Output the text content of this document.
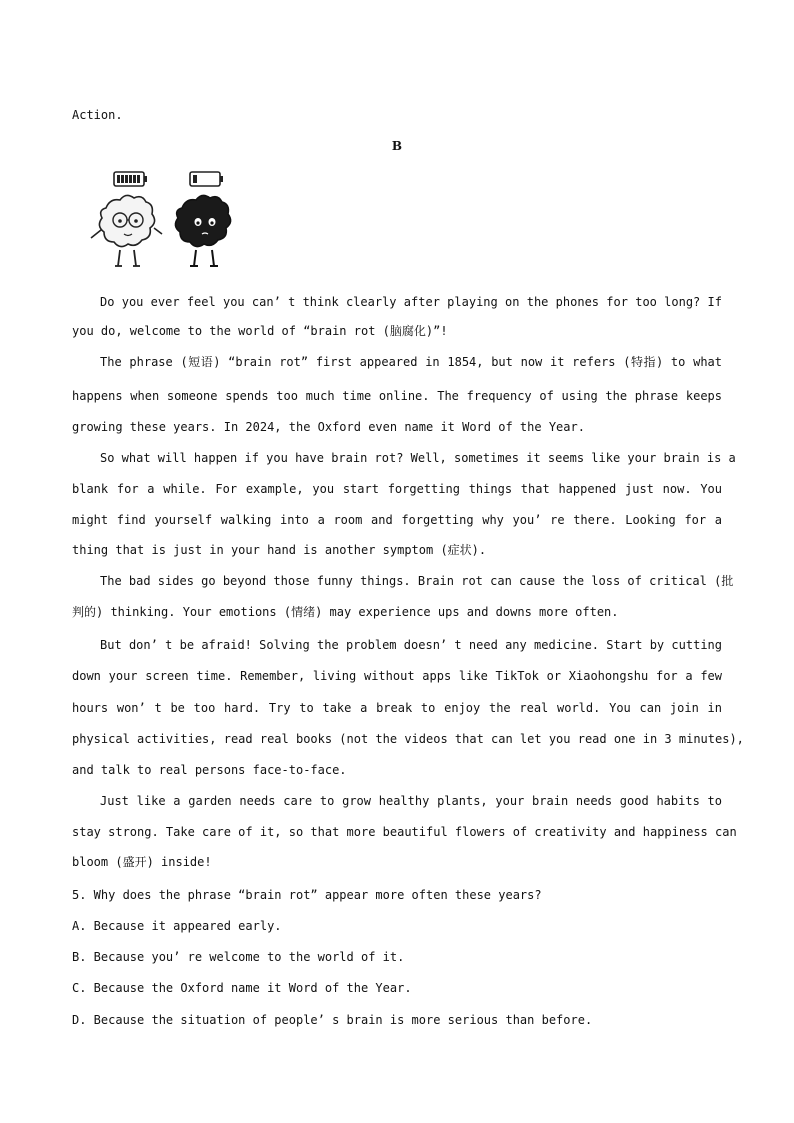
Action.
B
Do you ever feel you can’ t think clearly after playing on the phones for too long? If
you do, welcome to the world of “brain rot (脑腐化)”!
The phrase (短语) “brain rot” first appeared in 1854, but now it refers (特指) to what
happens when someone spends too much time online. The frequency of using the phrase keeps
growing these years. In 2024, the Oxford even name it Word of the Year.
So what will happen if you have brain rot? Well, sometimes it seems like your brain is a
blank for a while. For example, you start forgetting things that happened just now. You
might find yourself walking into a room and forgetting why you’ re there. Looking for a
thing that is just in your hand is another symptom (症状).
The bad sides go beyond those funny things. Brain rot can cause the loss of critical (批
判的) thinking. Your emotions (情绪) may experience ups and downs more often.
But don’ t be afraid! Solving the problem doesn’ t need any medicine. Start by cutting
down your screen time. Remember, living without apps like TikTok or Xiaohongshu for a few
hours won’ t be too hard. Try to take a break to enjoy the real world. You can join in
physical activities, read real books (not the videos that can let you read one in 3 minutes),
and talk to real persons face-to-face.
Just like a garden needs care to grow healthy plants, your brain needs good habits to
stay strong. Take care of it, so that more beautiful flowers of creativity and happiness can
bloom (盛开) inside!
5. Why does the phrase “brain rot” appear more often these years?
A. Because it appeared early.
B. Because you’ re welcome to the world of it.
C. Because the Oxford name it Word of the Year.
D. Because the situation of people’ s brain is more serious than before.
